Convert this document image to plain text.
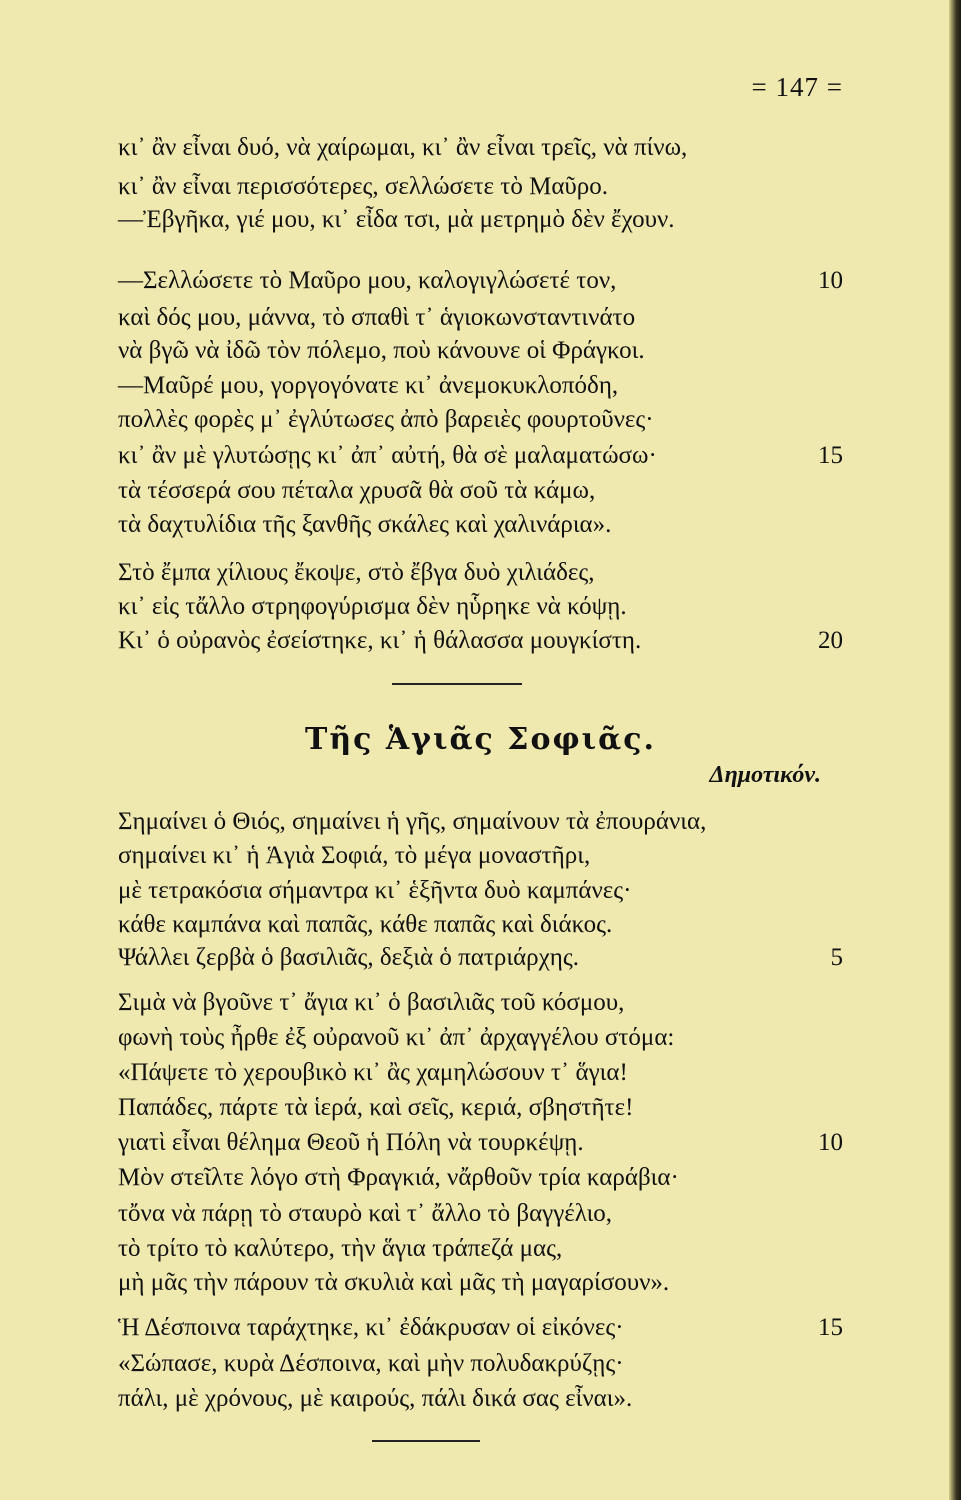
= 147 =
κι᾿ ἂν εἶναι δυό, νὰ χαίρωμαι, κι᾿ ἂν εἶναι τρεῖς, νὰ πίνω,
κι᾿ ἂν εἶναι περισσότερες, σελλώσετε τὸ Μαῦρο.
—Ἐβγῆκα, γιέ μου, κι᾿ εἶδα τσι, μὰ μετρημὸ δὲν ἔχουν.
—Σελλώσετε τὸ Μαῦρο μου, καλογιγλώσετέ τον,	10
καὶ δός μου, μάννα, τὸ σπαθὶ τ᾿ ἁγιοκωνσταντινάτο
νὰ βγῶ νὰ ἰδῶ τὸν πόλεμο, ποὺ κάνουνε οἱ Φράγκοι.
—Μαῦρέ μου, γοργογόνατε κι᾿ ἀνεμοκυκλοπόδη,
πολλὲς φορὲς μ᾿ ἐγλύτωσες ἀπὸ βαρειὲς φουρτοῦνες·
κι᾿ ἂν μὲ γλυτώσῃς κι᾿ ἀπ᾿ αὐτή, θὰ σὲ μαλαματώσω·	15
τὰ τέσσερά σου πέταλα χρυσᾶ θὰ σοῦ τὰ κάμω,
τὰ δαχτυλίδια τῆς ξανθῆς σκάλες καὶ χαλινάρια».
Στὸ ἔμπα χίλιους ἔκοψε, στὸ ἔβγα δυὸ χιλιάδες,
κι᾿ εἰς τἄλλο στρηφογύρισμα δὲν ηὗρηκε νὰ κόψῃ.
Κι᾿ ὁ οὐρανὸς ἐσείστηκε, κι᾿ ἡ θάλασσα μουγκίστη.	20
Τῆς Ἁγιᾶς Σοφιᾶς.
Δημοτικόν.
Σημαίνει ὁ Θιός, σημαίνει ἡ γῆς, σημαίνουν τὰ ἐπουράνια,
σημαίνει κι᾿ ἡ Ἁγιὰ Σοφιά, τὸ μέγα μοναστῆρι,
μὲ τετρακόσια σήμαντρα κι᾿ ἑξῆντα δυὸ καμπάνες·
κάθε καμπάνα καὶ παπᾶς, κάθε παπᾶς καὶ διάκος.
Ψάλλει ζερβὰ ὁ βασιλιᾶς, δεξιὰ ὁ πατριάρχης.	5
Σιμὰ νὰ βγοῦνε τ᾿ ἄγια κι᾿ ὁ βασιλιᾶς τοῦ κόσμου,
φωνὴ τοὺς ἦρθε ἐξ οὐρανοῦ κι᾿ ἀπ᾿ ἀρχαγγέλου στόμα:
«Πάψετε τὸ χερουβικὸ κι᾿ ἂς χαμηλώσουν τ᾿ ἅγια!
Παπάδες, πάρτε τὰ ἱερά, καὶ σεῖς, κεριά, σβηστῆτε!
γιατὶ εἶναι θέλημα Θεοῦ ἡ Πόλη νὰ τουρκέψῃ.	10
Μὸν στεῖλτε λόγο στὴ Φραγκιά, νἄρθοῦν τρία καράβια·
τὄνα νὰ πάρῃ τὸ σταυρὸ καὶ τ᾿ ἄλλο τὸ βαγγέλιο,
τὸ τρίτο τὸ καλύτερο, τὴν ἅγια τράπεζά μας,
μὴ μᾶς τὴν πάρουν τὰ σκυλιὰ καὶ μᾶς τὴ μαγαρίσουν».
Ἡ Δέσποινα ταράχτηκε, κι᾿ ἐδάκρυσαν οἱ εἰκόνες·	15
«Σώπασε, κυρὰ Δέσποινα, καὶ μὴν πολυδακρύζῃς·
πάλι, μὲ χρόνους, μὲ καιρούς, πάλι δικά σας εἶναι».
